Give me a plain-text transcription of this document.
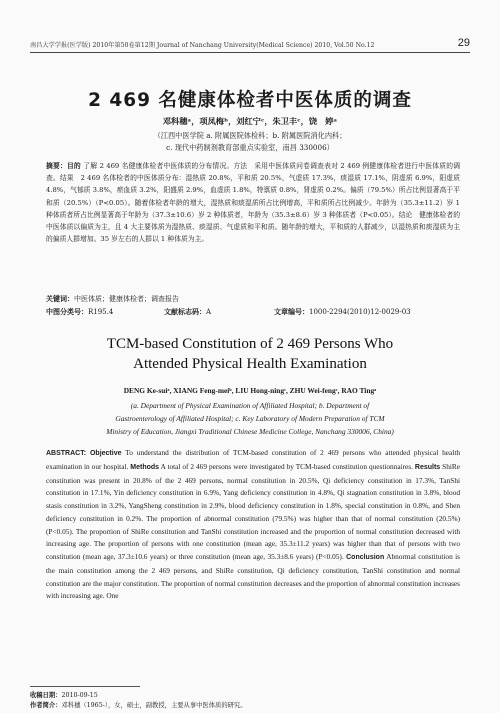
南昌大学学报(医学版) 2010年第50卷第12期 Journal of Nanchang University(Medical Science) 2010, Vol.50 No.12	29
2 469 名健康体检者中医体质的调查
邓科穗ᵃ，项凤梅ᵇ，刘红宁ᶜ，朱卫丰ᶜ，饶　婷ᵃ
（江西中医学院 a. 附属医院体检科；b. 附属医院消化内科；
c. 现代中药制剂教育部重点实验室，南昌 330006）
摘要：目的 了解 2 469 名健康体检者中医体质的分布情况。方法　采用中医体质问卷调查表对 2 469 例健康体检者进行中医体质的调查。结果　2 469 名体检者的中医体质分布：湿热质 20.8%，平和质 20.5%，气虚质 17.3%，痰湿质 17.1%，阴虚质 6.9%，阳虚质 4.8%，气郁质 3.8%，瘀血质 3.2%，阳盛质 2.9%，血虚质 1.8%，特禀质 0.8%，肾虚质 0.2%。偏质（79.5%）所占比例显著高于平和质（20.5%）（P<0.05）。随着体检者年龄的增大，湿热质和痰湿质所占比例增高，平和质所占比例减少。年龄为（35.3±11.2）岁 1 种体质者所占比例显著高于年龄为（37.3±10.6）岁 2 种体质者，年龄为（35.3±8.6）岁 3 种体质者（P<0.05）。结论　健康体检者的中医体质以偏质为主，且 4 大主要体质为湿热质、痰湿质、气虚质和平和质。随年龄的增大，平和质的人群减少，以湿热质和痰湿质为主的偏质人群增加。35 岁左右的人群以 1 种体质为主。
关键词：中医体质；健康体检者；调查报告
中图分类号：R195.4	文献标志码：A	文章编号：1000-2294(2010)12-0029-03
TCM-based Constitution of 2 469 Persons Who
Attended Physical Health Examination
DENG Ke-suiᵃ, XIANG Feng-meiᵇ, LIU Hong-ningᶜ, ZHU Wei-fengᶜ, RAO Tingᵃ
(a. Department of Physical Examination of Affiliated Hospital; b. Department of
Gastroenterology of Affiliated Hospital; c. Key Laboratory of Modern Preparation of TCM
Ministry of Education, Jiangxi Traditional Chinese Medicine College, Nanchang 330006, China)
ABSTRACT: Objective To understand the distribution of TCM-based constitution of 2 469 persons who attended physical health examination in our hospital. Methods A total of 2 469 persons were investigated by TCM-based constitution questionnaires. Results ShiRe constitution was present in 20.8% of the 2 469 persons, normal constitution in 20.5%, Qi deficiency constitution in 17.3%, TanShi constitution in 17.1%, Yin deficiency constitution in 6.9%, Yang deficiency constitution in 4.8%, Qi stagnation constitution in 3.8%, blood stasis constitution in 3.2%, YangSheng constitution in 2.9%, blood deficiency constitution in 1.8%, special constitution in 0.8%, and Shen deficiency constitution in 0.2%. The proportion of abnormal constitution (79.5%) was higher than that of normal constitution (20.5%) (P<0.05). The proportion of ShiRe constitution and TanShi constitution increased and the proportion of normal constitution decreased with increasing age. The proportion of persons with one constitution (mean age, 35.3±11.2 years) was higher than that of persons with two constitution (mean age, 37.3±10.6 years) or three constitution (mean age, 35.3±8.6 years) (P<0.05). Conclusion Abnormal constitution is the main constitution among the 2 469 persons, and ShiRe constitution, Qi deficiency constitution, TanShi constitution and normal constitution are the major constitution. The proportion of normal constitution decreases and the proportion of abnormal constitution increases with increasing age. One
收稿日期：2010-09-15
作者简介：邓科穗（1965-），女，硕士，副教授，主要从事中医体质的研究。
